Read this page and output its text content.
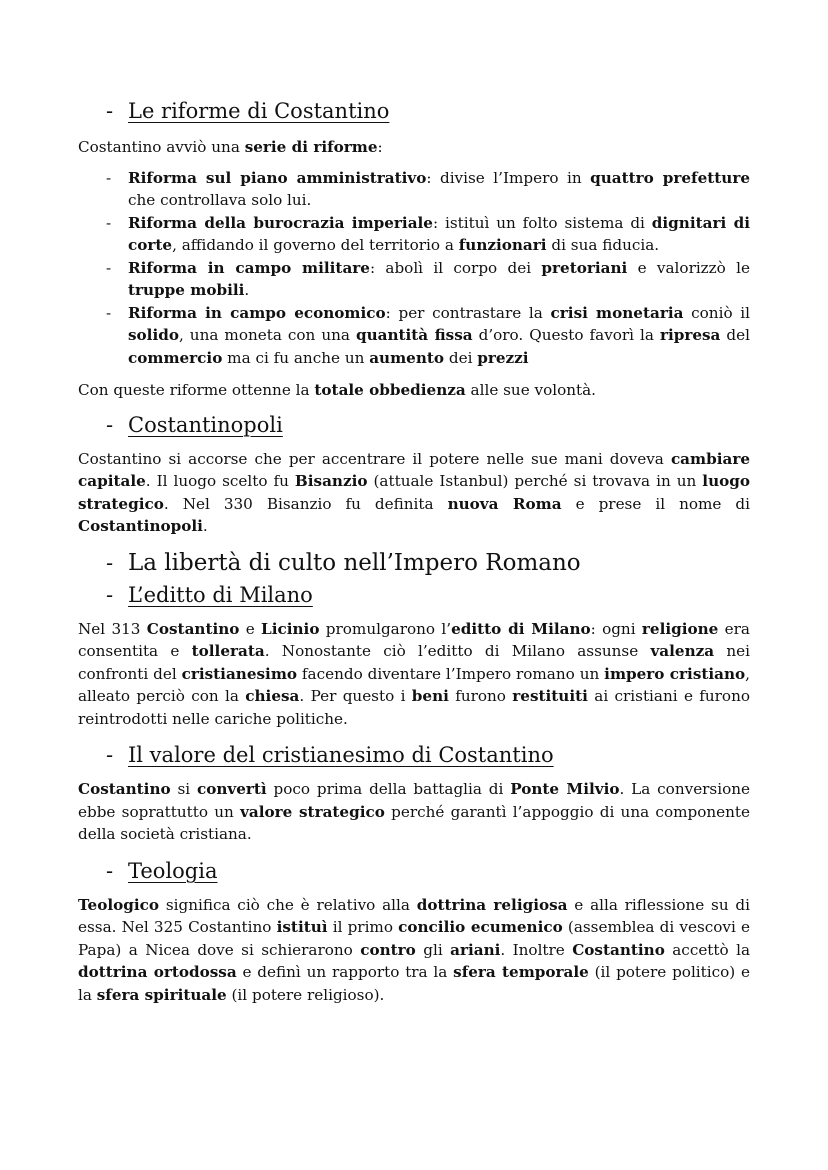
- Le riforme di Costantino

Costantino avviò una serie di riforme:

- Riforma sul piano amministrativo: divise l’Impero in quattro prefetture che controllava solo lui.
- Riforma della burocrazia imperiale: istituì un folto sistema di dignitari di corte, affidando il governo del territorio a funzionari di sua fiducia.
- Riforma in campo militare: abolì il corpo dei pretoriani e valorizzò le truppe mobili.
- Riforma in campo economico: per contrastare la crisi monetaria coniò il solido, una moneta con una quantità fissa d’oro. Questo favorì la ripresa del commercio ma ci fu anche un aumento dei prezzi

Con queste riforme ottenne la totale obbedienza alle sue volontà.

- Costantinopoli

Costantino si accorse che per accentrare il potere nelle sue mani doveva cambiare capitale. Il luogo scelto fu Bisanzio (attuale Istanbul) perché si trovava in un luogo strategico. Nel 330 Bisanzio fu definita nuova Roma e prese il nome di Costantinopoli.

- La libertà di culto nell’Impero Romano
- L’editto di Milano

Nel 313 Costantino e Licinio promulgarono l’editto di Milano: ogni religione era consentita e tollerata. Nonostante ciò l’editto di Milano assunse valenza nei confronti del cristianesimo facendo diventare l’Impero romano un impero cristiano, alleato perciò con la chiesa. Per questo i beni furono restituiti ai cristiani e furono reintrodotti nelle cariche politiche.

- Il valore del cristianesimo di Costantino

Costantino si convertì poco prima della battaglia di Ponte Milvio. La conversione ebbe soprattutto un valore strategico perché garantì l’appoggio di una componente della società cristiana.

- Teologia

Teologico significa ciò che è relativo alla dottrina religiosa e alla riflessione su di essa. Nel 325 Costantino istituì il primo concilio ecumenico (assemblea di vescovi e Papa) a Nicea dove si schierarono contro gli ariani. Inoltre Costantino accettò la dottrina ortodossa e definì un rapporto tra la sfera temporale (il potere politico) e la sfera spirituale (il potere religioso).
